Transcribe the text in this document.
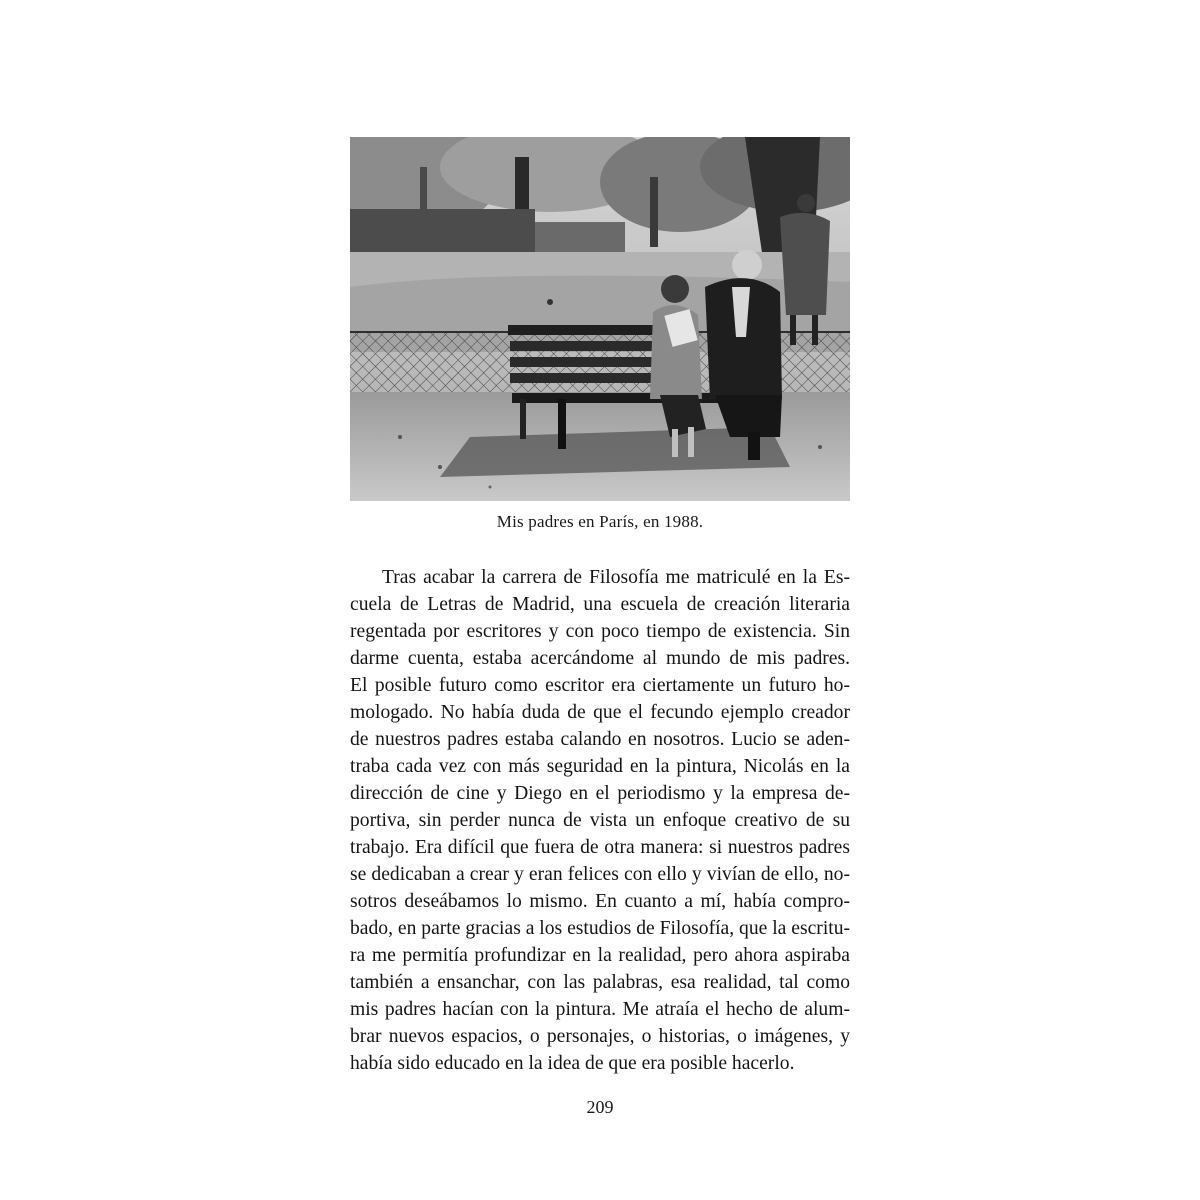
Mis padres en París, en 1988.
Tras acabar la carrera de Filosofía me matriculé en la Es-
cuela de Letras de Madrid, una escuela de creación literaria
regentada por escritores y con poco tiempo de existencia. Sin
darme cuenta, estaba acercándome al mundo de mis padres.
El posible futuro como escritor era ciertamente un futuro ho-
mologado. No había duda de que el fecundo ejemplo creador
de nuestros padres estaba calando en nosotros. Lucio se aden-
traba cada vez con más seguridad en la pintura, Nicolás en la
dirección de cine y Diego en el periodismo y la empresa de-
portiva, sin perder nunca de vista un enfoque creativo de su
trabajo. Era difícil que fuera de otra manera: si nuestros padres
se dedicaban a crear y eran felices con ello y vivían de ello, no-
sotros deseábamos lo mismo. En cuanto a mí, había compro-
bado, en parte gracias a los estudios de Filosofía, que la escritu-
ra me permitía profundizar en la realidad, pero ahora aspiraba
también a ensanchar, con las palabras, esa realidad, tal como
mis padres hacían con la pintura. Me atraía el hecho de alum-
brar nuevos espacios, o personajes, o historias, o imágenes, y
había sido educado en la idea de que era posible hacerlo.
209
